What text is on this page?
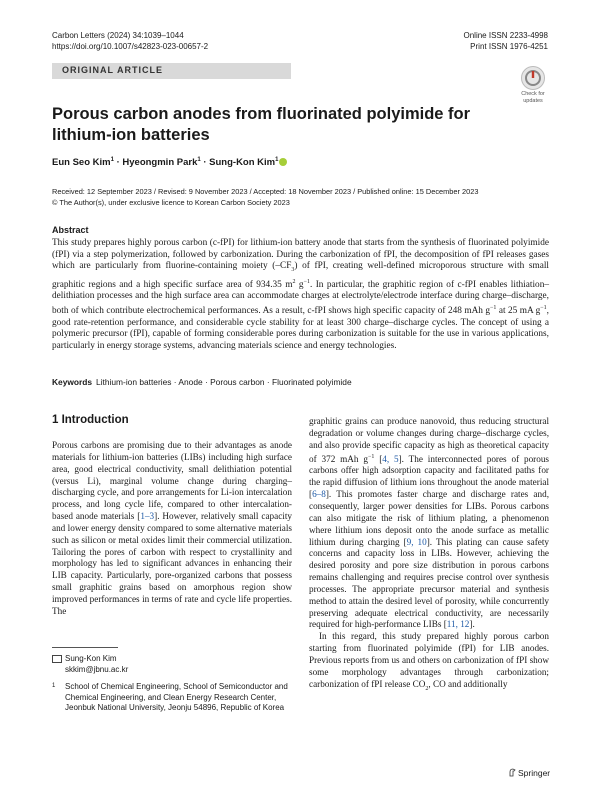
Carbon Letters (2024) 34:1039–1044
https://doi.org/10.1007/s42823-023-00657-2
Online ISSN 2233-4998
Print ISSN 1976-4251
ORIGINAL ARTICLE
Check for
updates
Porous carbon anodes from fluorinated polyimide for lithium-ion batteries
Eun Seo Kim$^1$ · Hyeongmin Park$^1$ · Sung-Kon Kim$^1$
Received: 12 September 2023 / Revised: 9 November 2023 / Accepted: 18 November 2023 / Published online: 15 December 2023
© The Author(s), under exclusive licence to Korean Carbon Society 2023
Abstract
This study prepares highly porous carbon (c-fPI) for lithium-ion battery anode that starts from the synthesis of fluorinated polyimide (fPI) via a step polymerization, followed by carbonization. During the carbonization of fPI, the decomposition of fPI releases gases which are particularly from fluorine-containing moiety $(-CF_3)$ of fPI, creating well-defined microporous structure with small graphitic regions and a high specific surface area of 934.35 $m^2$ $g^{-1}$. In particular, the graphitic region of c-fPI enables lithiation–delithiation processes and the high surface area can accommodate charges at electrolyte/electrode interface during charge–discharge, both of which contribute electrochemical performances. As a result, c-fPI shows high specific capacity of 248 mAh $g^{-1}$ at 25 mA $g^{-1}$, good rate-retention performance, and considerable cycle stability for at least 300 charge–discharge cycles. The concept of using a polymeric precursor (fPI), capable of forming considerable pores during carbonization is suitable for the use in various applications, particularly in energy storage systems, advancing materials science and energy technologies.
Keywords Lithium-ion batteries · Anode · Porous carbon · Fluorinated polyimide
1 Introduction
Porous carbons are promising due to their advantages as anode materials for lithium-ion batteries (LIBs) including high surface area, good electrical conductivity, small delithiation potential (versus Li), marginal volume change during charging–discharging cycle, and pore arrangements for Li-ion intercalation process, and long cycle life, compared to other intercalation-based anode materials [1–3]. However, relatively small capacity and lower energy density compared to some alternative materials such as silicon or metal oxides limit their commercial utilization. Tailoring the pores of carbon with respect to crystallinity and morphology has led to significant advances in enhancing their LIB capacity. Particularly, pore-organized carbons that possess small graphitic grains based on amorphous region show improved performances in terms of rate and cycle life properties. The

graphitic grains can produce nanovoid, thus reducing structural degradation or volume changes during charge–discharge cycles, and also provide specific capacity as high as theoretical capacity of 372 mAh $g^{-1}$ [4, 5]. The interconnected pores of porous carbons offer high adsorption capacity and facilitated paths for the rapid diffusion of lithium ions throughout the anode material [6–8]. This promotes faster charge and discharge rates and, consequently, larger power densities for LIBs. Porous carbons can also mitigate the risk of lithium plating, a phenomenon where lithium ions deposit onto the anode surface as metallic lithium during charging [9, 10]. This plating can cause safety concerns and capacity loss in LIBs. However, achieving the desired porosity and pore size distribution in porous carbons remains challenging and requires precise control over synthesis processes. The appropriate precursor material and synthesis method to attain the desired level of porosity, while concurrently preserving adequate electrical conductivity, are necessarily required for high-performance LIBs [11, 12].

In this regard, this study prepared highly porous carbon starting from fluorinated polyimide (fPI) for LIB anodes. Previous reports from us and others on carbonization of fPI show some morphology advantages through carbonization; carbonization of fPI release $CO_2$, CO and additionally

Sung-Kon Kim
skkim@jbnu.ac.kr
1	School of Chemical Engineering, School of Semiconductor and Chemical Engineering, and Clean Energy Research Center, Jeonbuk National University, Jeonju 54896, Republic of Korea
Springer
